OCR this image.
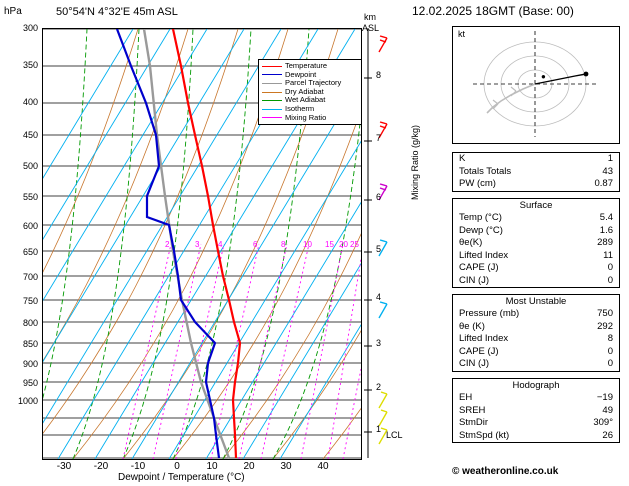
12.02.2025 18GMT (Base: 00)
hPa	50°54'N 4°32'E 45m ASL
300
350
400
450
500
550
600
650
700
750
800
850
900
950
1000
2	3 4	6	8 10 15 20 25
Temperature
Dewpoint
Parcel Trajectory
Dry Adiabat
Wet Adiabat
Isotherm
Mixing Ratio
-30	-20	-10	0	10	20	30	40
Dewpoint / Temperature (°C)
km
ASL
1
2
3
4
5
6
7
8
LCL
Mixing Ratio (g/kg)
●
kt
K	1
Totals Totals	43
PW (cm)	0.87
Surface
Temp (°C)	5.4
Dewp (°C)	1.6
θe(K)	289
Lifted Index	11
CAPE (J)	0
CIN (J)	0
Most Unstable
Pressure (mb)	750
θe (K)	292
Lifted Index	8
CAPE (J)	0
CIN (J)	0
Hodograph
EH	−19
SREH	49
StmDir	309°
StmSpd (kt)	26
© weatheronline.co.uk
